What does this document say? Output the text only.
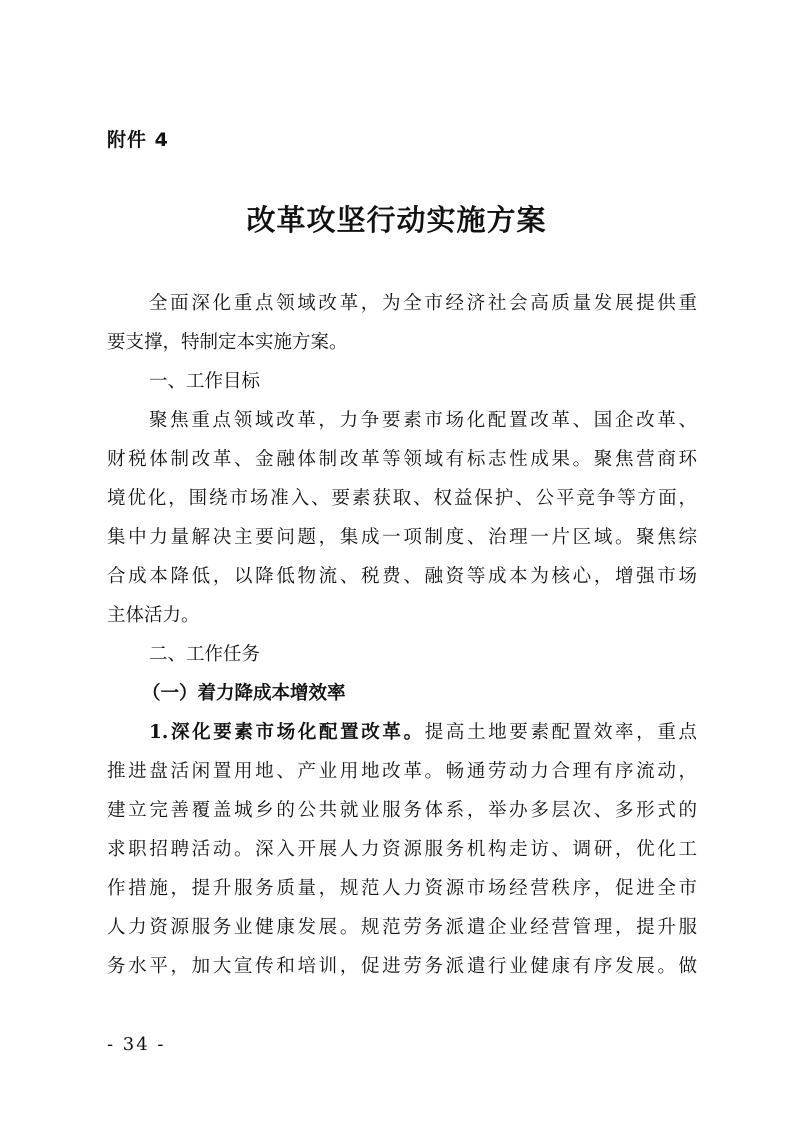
附件 4
改革攻坚行动实施方案
全面深化重点领域改革，为全市经济社会高质量发展提供重
要支撑，特制定本实施方案。
一、工作目标
聚焦重点领域改革，力争要素市场化配置改革、国企改革、
财税体制改革、金融体制改革等领域有标志性成果。聚焦营商环
境优化，围绕市场准入、要素获取、权益保护、公平竞争等方面，
集中力量解决主要问题，集成一项制度、治理一片区域。聚焦综
合成本降低，以降低物流、税费、融资等成本为核心，增强市场
主体活力。
二、工作任务
（一）着力降成本增效率
1.深化要素市场化配置改革。提高土地要素配置效率，重点
推进盘活闲置用地、产业用地改革。畅通劳动力合理有序流动，
建立完善覆盖城乡的公共就业服务体系，举办多层次、多形式的
求职招聘活动。深入开展人力资源服务机构走访、调研，优化工
作措施，提升服务质量，规范人力资源市场经营秩序，促进全市
人力资源服务业健康发展。规范劳务派遣企业经营管理，提升服
务水平，加大宣传和培训，促进劳务派遣行业健康有序发展。做
- 34 -
